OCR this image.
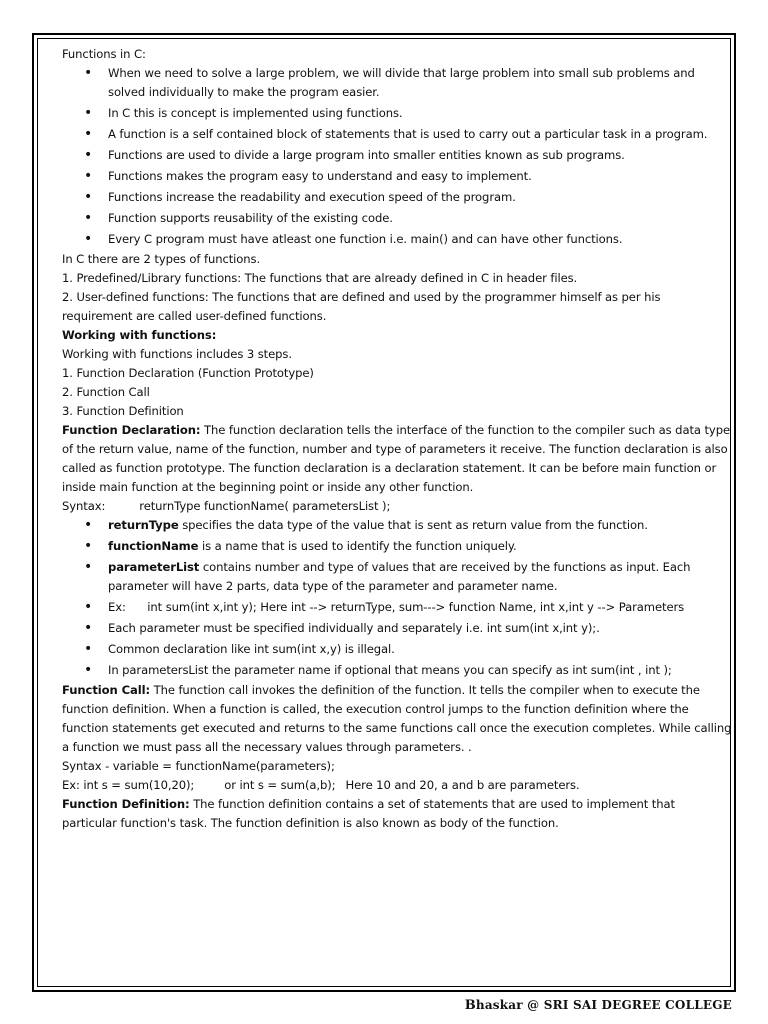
Functions in C:

• When we need to solve a large problem, we will divide that large problem into small sub problems and solved individually to make the program easier.
• In C this is concept is implemented using functions.
• A function is a self contained block of statements that is used to carry out a particular task in a program.
• Functions are used to divide a large program into smaller entities known as sub programs.
• Functions makes the program easy to understand and easy to implement.
• Functions increase the readability and execution speed of the program.
• Function supports reusability of the existing code.
• Every C program must have atleast one function i.e. main() and can have other functions.

In C there are 2 types of functions.

1. Predefined/Library functions: The functions that are already defined in C in header files.

2. User-defined functions: The functions that are defined and used by the programmer himself as per his requirement are called user-defined functions.

Working with functions:

Working with functions includes 3 steps.

1. Function Declaration (Function Prototype)

2. Function Call

3. Function Definition

Function Declaration: The function declaration tells the interface of the function to the compiler such as data type of the return value, name of the function, number and type of parameters it receive. The function declaration is also called as function prototype. The function declaration is a declaration statement. It can be before main function or inside main function at the beginning point or inside any other function.

Syntax:	returnType functionName( parametersList );

• returnType specifies the data type of the value that is sent as return value from the function.
• functionName is a name that is used to identify the function uniquely.
• parameterList contains number and type of values that are received by the functions as input. Each parameter will have 2 parts, data type of the parameter and parameter name.
• Ex:      int sum(int x,int y); Here int --> returnType, sum---> function Name, int x,int y --> Parameters
• Each parameter must be specified individually and separately i.e. int sum(int x,int y);.
• Common declaration like int sum(int x,y) is illegal.
• In parametersList the parameter name if optional that means you can specify as int sum(int , int );

Function Call: The function call invokes the definition of the function. It tells the compiler when to execute the function definition. When a function is called, the execution control jumps to the function definition where the function statements get executed and returns to the same functions call once the execution completes. While calling a function we must pass all the necessary values through parameters. .

Syntax - variable = functionName(parameters);

Ex: int s = sum(10,20);	or int s = sum(a,b); Here 10 and 20, a and b are parameters.

Function Definition: The function definition contains a set of statements that are used to implement that particular function's task. The function definition is also known as body of the function.

Bhaskar @ SRI SAI DEGREE COLLEGE
